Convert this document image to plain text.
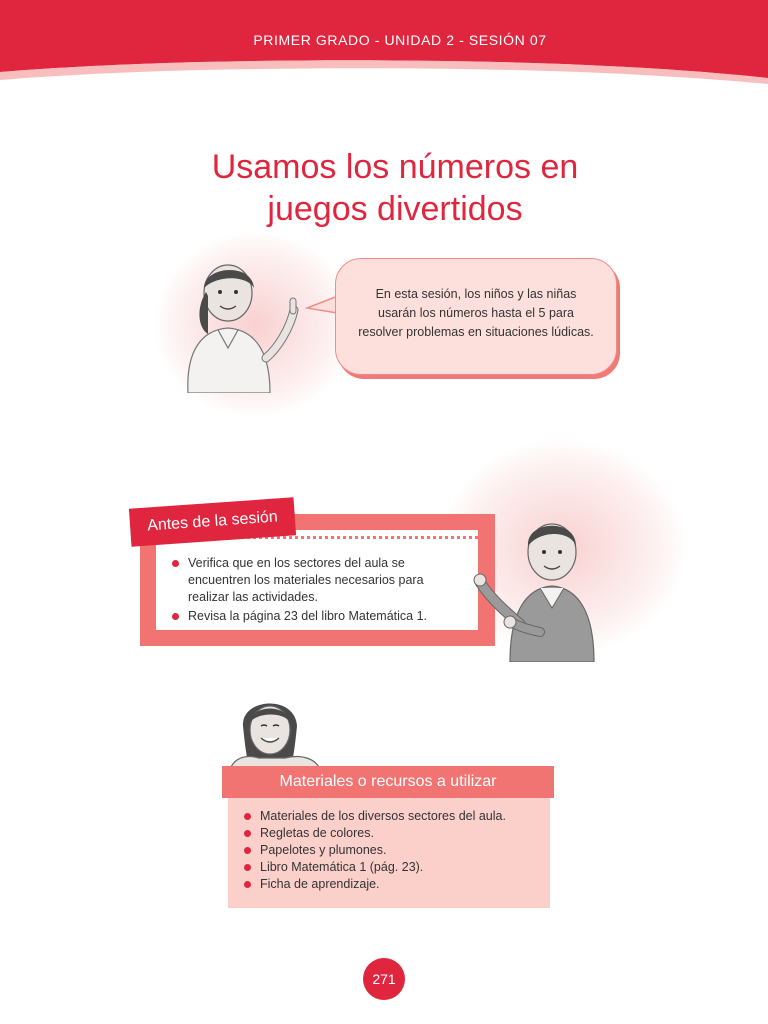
PRIMER GRADO - UNIDAD 2 - SESIÓN 07
Usamos los números en
juegos divertidos
En esta sesión, los niños y las niñas usarán los números hasta el 5 para resolver problemas en situaciones lúdicas.
Antes de la sesión
Verifica que en los sectores del aula se encuentren los materiales necesarios para realizar las actividades.
Revisa la página 23 del libro Matemática 1.
Materiales o recursos a utilizar
Materiales de los diversos sectores del aula.
Regletas de colores.
Papelotes y plumones.
Libro Matemática 1 (pág. 23).
Ficha de aprendizaje.
271
